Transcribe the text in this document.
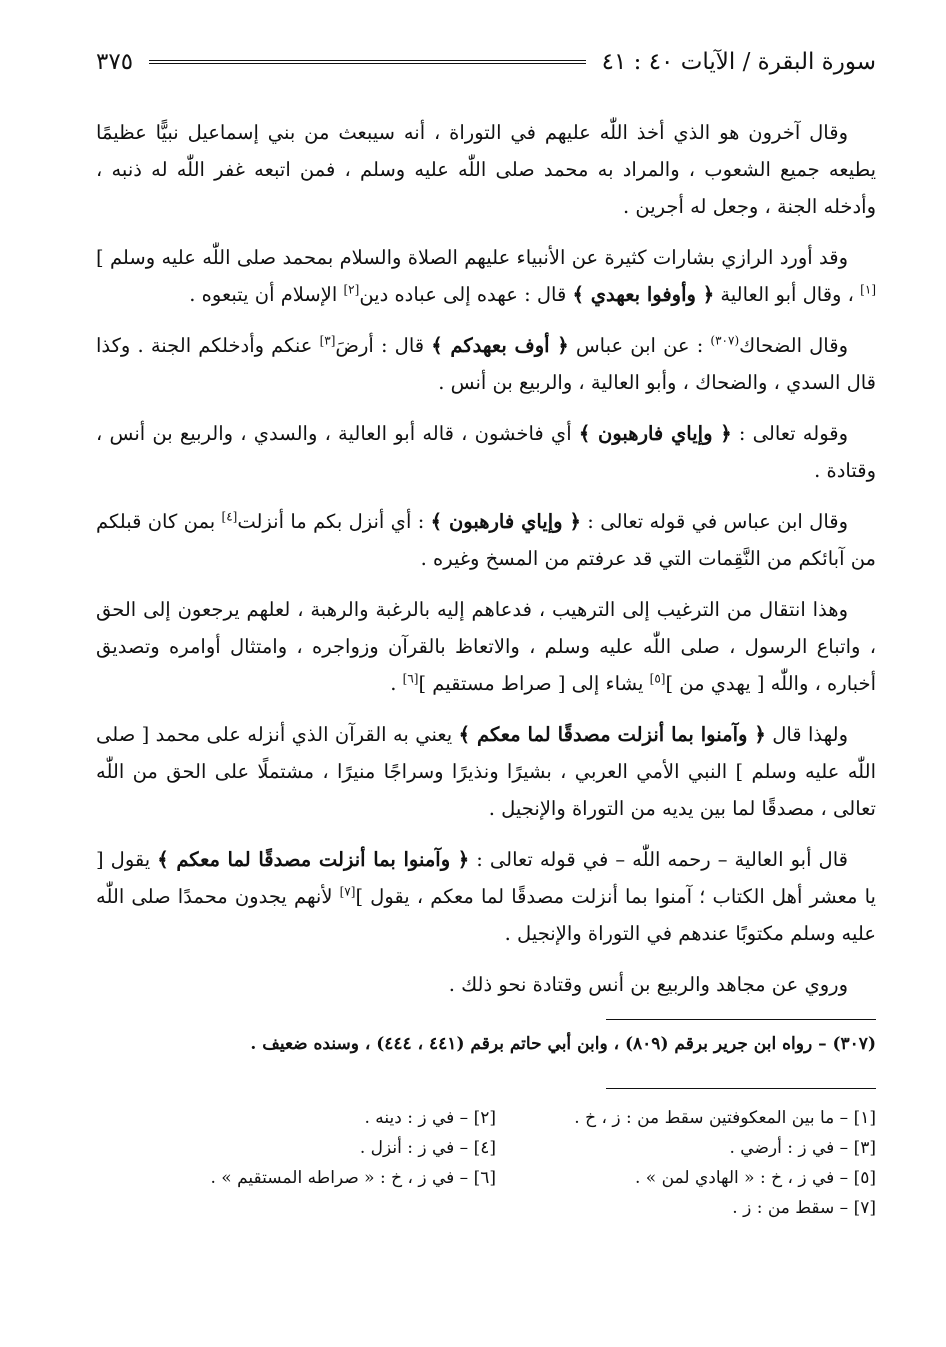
سورة البقرة / الآيات ٤٠ : ٤١
٣٧٥

وقال آخرون هو الذي أخذ اللّٰه عليهم في التوراة ، أنه سيبعث من بني إسماعيل نبيًّا عظيمًا يطيعه جميع الشعوب ، والمراد به محمد صلى اللّٰه عليه وسلم ، فمن اتبعه غفر اللّٰه له ذنبه ، وأدخله الجنة ، وجعل له أجرين .

وقد أورد الرازي بشارات كثيرة عن الأنبياء عليهم الصلاة والسلام بمحمد صلى اللّٰه عليه وسلم ][١] ، وقال أبو العالية ﴿ وأوفوا بعهدي ﴾ قال : عهده إلى عباده دين[٢] الإسلام أن يتبعوه .

وقال الضحاك$^{(٣٠٧)}$ : عن ابن عباس ﴿ أوف بعهدكم ﴾ قال : أرضَ[٣] عنكم وأدخلكم الجنة . وكذا قال السدي ، والضحاك ، وأبو العالية ، والربيع بن أنس .

وقوله تعالى : ﴿ وإياي فارهبون ﴾ أي فاخشون ، قاله أبو العالية ، والسدي ، والربيع بن أنس ، وقتادة .

وقال ابن عباس في قوله تعالى : ﴿ وإياي فارهبون ﴾ : أي أنزل بكم ما أنزلت[٤] بمن كان قبلكم من آبائكم من النَّقِمات التي قد عرفتم من المسخ وغيره .

وهذا انتقال من الترغيب إلى الترهيب ، فدعاهم إليه بالرغبة والرهبة ، لعلهم يرجعون إلى الحق ، واتباع الرسول ، صلى اللّٰه عليه وسلم ، والاتعاظ بالقرآن وزواجره ، وامتثال أوامره وتصديق أخباره ، واللّٰه [ يهدي من ][٥] يشاء إلى [ صراط مستقيم ][٦] .

ولهذا قال ﴿ وآمنوا بما أنزلت مصدقًا لما معكم ﴾ يعني به القرآن الذي أنزله على محمد [ صلى اللّٰه عليه وسلم ] النبي الأمي العربي ، بشيرًا ونذيرًا وسراجًا منيرًا ، مشتملًا على الحق من اللّٰه تعالى ، مصدقًا لما بين يديه من التوراة والإنجيل .

قال أبو العالية – رحمه اللّٰه – في قوله تعالى : ﴿ وآمنوا بما أنزلت مصدقًا لما معكم ﴾ يقول [ يا معشر أهل الكتاب ؛ آمنوا بما أنزلت مصدقًا لما معكم ، يقول ][٧] لأنهم يجدون محمدًا صلى اللّٰه عليه وسلم مكتوبًا عندهم في التوراة والإنجيل .

وروي عن مجاهد والربيع بن أنس وقتادة نحو ذلك .

(٣٠٧) – رواه ابن جرير برقم (٨٠٩) ، وابن أبي حاتم برقم (٤٤١ ، ٤٤٤) ، وسنده ضعيف .

[١] – ما بين المعكوفتين سقط من : ز ، خ .
[٢] – في ز : دينه .
[٣] – في ز : أرضي .
[٤] – في ز : أنزل .
[٥] – في ز ، خ : « الهادي لمن » .
[٦] – في ز ، خ : « صراطه المستقيم » .
[٧] – سقط من : ز .
